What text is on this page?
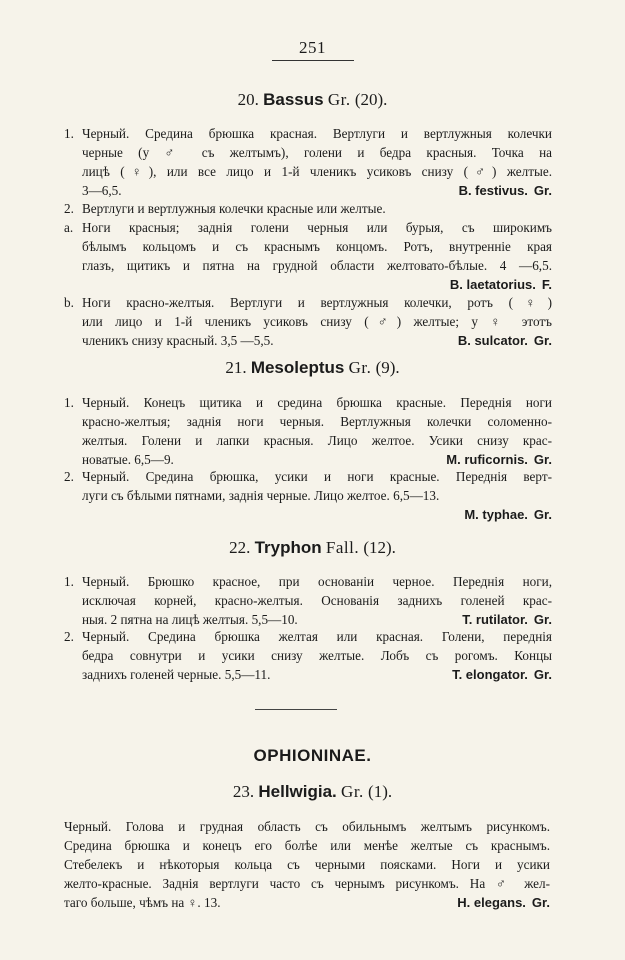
251
20. Bassus Gr. (20).
1. Черный. Средина брюшка красная. Вертлуги и вертлужныя колечки
черные (у ♂ съ желтымъ), голени и бедра красныя. Точка на
лицѣ (♀), или все лицо и 1-й членикъ усиковъ снизу (♂) желтые.
3—6,5.	B. festivus. Gr.
2. Вертлуги и вертлужныя колечки красные или желтые.
a. Ноги красныя; заднія голени черныя или бурыя, съ широкимъ
бѣлымъ кольцомъ и съ краснымъ концомъ. Ротъ, внутренніе края
глазъ, щитикъ и пятна на грудной области желтовато-бѣлые. 4 —6,5.
B. laetatorius. F.
b. Ноги красно-желтыя. Вертлуги и вертлужныя колечки, ротъ (♀)
или лицо и 1-й членикъ усиковъ снизу (♂) желтые; у ♀ этотъ
членикъ снизу красный. 3,5 —5,5.	B. sulcator. Gr.
21. Mesoleptus Gr. (9).
1. Черный. Конецъ щитика и средина брюшка красные. Переднія ноги
красно-желтыя; заднія ноги черныя. Вертлужныя колечки соломенно-
желтыя. Голени и лапки красныя. Лицо желтое. Усики снизу крас-
новатые. 6,5—9.	M. ruficornis. Gr.
2. Черный. Средина брюшка, усики и ноги красные. Переднія верт-
луги съ бѣлыми пятнами, заднія черные. Лицо желтое. 6,5—13.
M. typhae. Gr.
22. Tryphon Fall. (12).
1. Черный. Брюшко красное, при основаніи черное. Переднія ноги,
исключая корней, красно-желтыя. Основанія заднихъ голеней крас-
ныя. 2 пятна на лицѣ желтыя. 5,5—10.	T. rutilator. Gr.
2. Черный. Средина брюшка желтая или красная. Голени, переднія
бедра совнутри и усики снизу желтые. Лобъ съ рогомъ. Концы
заднихъ голеней черные. 5,5—11.	T. elongator. Gr.
OPHIONINAE.
23. Hellwigia. Gr. (1).
Черный. Голова и грудная область съ обильнымъ желтымъ рисункомъ.
Средина брюшка и конецъ его болѣе или менѣе желтые съ краснымъ.
Стебелекъ и нѣкоторыя кольца съ черными поясками. Ноги и усики
желто-красные. Заднія вертлуги часто съ чернымъ рисункомъ. На ♂ жел-
таго больше, чѣмъ на ♀. 13.	H. elegans. Gr.
